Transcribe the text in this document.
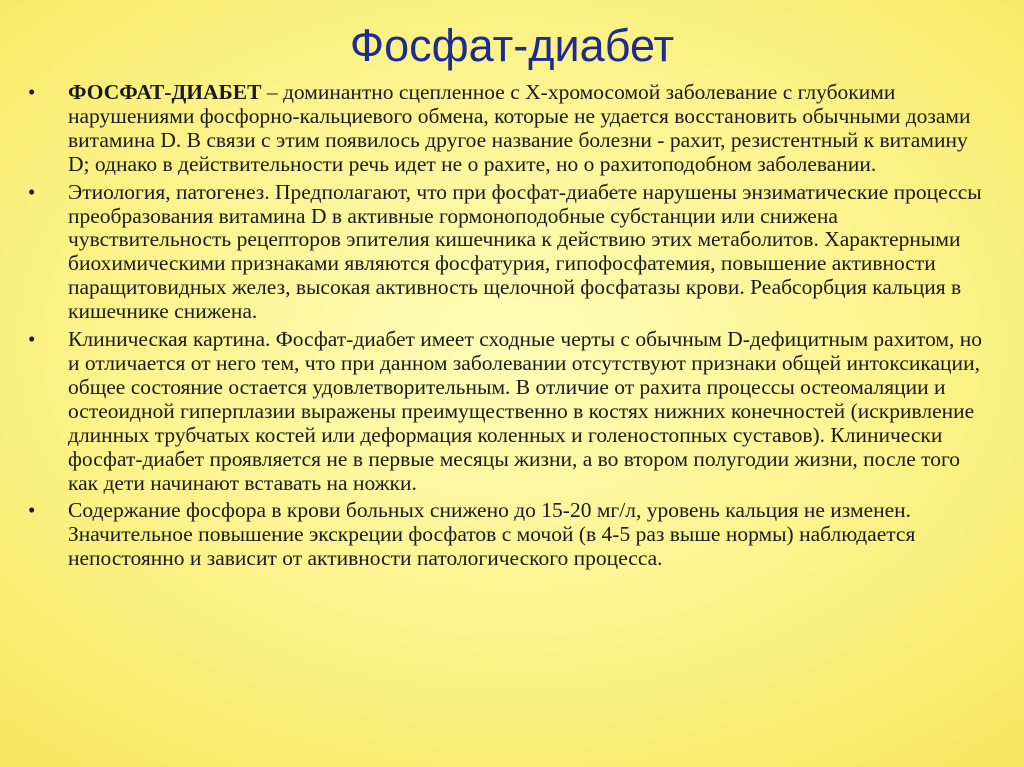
Фосфат-диабет
•	ФОСФАТ-ДИАБЕТ – доминантно сцепленное с Х-хромосомой заболевание с глубокими нарушениями фосфорно-кальциевого обмена, которые не удается восстановить обычными дозами витамина D. В связи с этим появилось другое название болезни - рахит, резистентный к витамину D; однако в действительности речь идет не о рахите, но о рахитоподобном заболевании.
•	Этиология, патогенез. Предполагают, что при фосфат-диабете нарушены энзиматические процессы преобразования витамина D в активные гормоноподобные субстанции или снижена чувствительность рецепторов эпителия кишечника к действию этих метаболитов. Характерными биохимическими признаками являются фосфатурия, гипофосфатемия, повышение активности паращитовидных желез, высокая активность щелочной фосфатазы крови. Реабсорбция кальция в кишечнике снижена.
•	Клиническая картина. Фосфат-диабет имеет сходные черты с обычным D-дефицитным рахитом, но и отличается от него тем, что при данном заболевании отсутствуют признаки общей интоксикации, общее состояние остается удовлетворительным. В отличие от рахита процессы остеомаляции и остеоидной гиперплазии выражены преимущественно в костях нижних конечностей (искривление длинных трубчатых костей или деформация коленных и голеностопных суставов). Клинически фосфат-диабет проявляется не в первые месяцы жизни, а во втором полугодии жизни, после того как дети начинают вставать на ножки.
•	Содержание фосфора в крови больных снижено до 15-20 мг/л, уровень кальция не изменен. Значительное повышение экскреции фосфатов с мочой (в 4-5 раз выше нормы) наблюдается непостоянно и зависит от активности патологического процесса.
